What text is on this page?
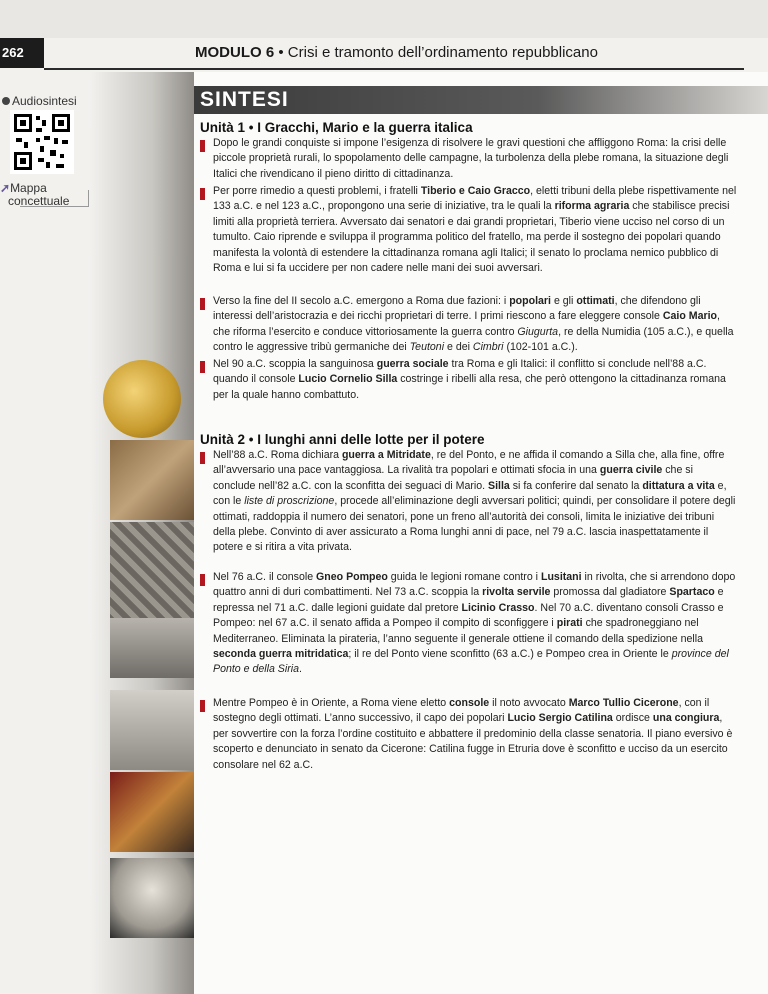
262	MODULO 6 • Crisi e tramonto dell’ordinamento repubblicano
Audiosintesi
➚Mappa
concettuale
SINTESI
Unità 1 • I Gracchi, Mario e la guerra italica
Dopo le grandi conquiste si impone l’esigenza di risolvere le gravi questioni che affliggono Roma: la crisi delle piccole proprietà rurali, lo spopolamento delle campagne, la turbolenza della plebe romana, la situazione degli Italici che rivendicano il pieno diritto di cittadinanza.
Per porre rimedio a questi problemi, i fratelli Tiberio e Caio Gracco, eletti tribuni della plebe rispettivamente nel 133 a.C. e nel 123 a.C., propongono una serie di iniziative, tra le quali la riforma agraria che stabilisce precisi limiti alla proprietà terriera. Avversato dai senatori e dai grandi proprietari, Tiberio viene ucciso nel corso di un tumulto. Caio riprende e sviluppa il programma politico del fratello, ma perde il sostegno dei popolari quando manifesta la volontà di estendere la cittadinanza romana agli Italici; il senato lo proclama nemico pubblico di Roma e lui si fa uccidere per non cadere nelle mani dei suoi avversari.
Verso la fine del II secolo a.C. emergono a Roma due fazioni: i popolari e gli ottimati, che difendono gli interessi dell’aristocrazia e dei ricchi proprietari di terre. I primi riescono a fare eleggere console Caio Mario, che riforma l’esercito e conduce vittoriosamente la guerra contro Giugurta, re della Numidia (105 a.C.), e quella contro le aggressive tribù germaniche dei Teutoni e dei Cimbri (102-101 a.C.).
Nel 90 a.C. scoppia la sanguinosa guerra sociale tra Roma e gli Italici: il conflitto si conclude nell’88 a.C. quando il console Lucio Cornelio Silla costringe i ribelli alla resa, che però ottengono la cittadinanza romana per la quale hanno combattuto.
Unità 2 • I lunghi anni delle lotte per il potere
Nell’88 a.C. Roma dichiara guerra a Mitridate, re del Ponto, e ne affida il comando a Silla che, alla fine, offre all’avversario una pace vantaggiosa. La rivalità tra popolari e ottimati sfocia in una guerra civile che si conclude nell’82 a.C. con la sconfitta dei seguaci di Mario. Silla si fa conferire dal senato la dittatura a vita e, con le liste di proscrizione, procede all’eliminazione degli avversari politici; quindi, per consolidare il potere degli ottimati, raddoppia il numero dei senatori, pone un freno all’autorità dei consoli, limita le iniziative dei tribuni della plebe. Convinto di aver assicurato a Roma lunghi anni di pace, nel 79 a.C. lascia inaspettatamente il potere e si ritira a vita privata.
Nel 76 a.C. il console Gneo Pompeo guida le legioni romane contro i Lusitani in rivolta, che si arrendono dopo quattro anni di duri combattimenti. Nel 73 a.C. scoppia la rivolta servile promossa dal gladiatore Spartaco e repressa nel 71 a.C. dalle legioni guidate dal pretore Licinio Crasso. Nel 70 a.C. diventano consoli Crasso e Pompeo: nel 67 a.C. il senato affida a Pompeo il compito di sconfiggere i pirati che spadroneggiano nel Mediterraneo. Eliminata la pirateria, l’anno seguente il generale ottiene il comando della spedizione nella seconda guerra mitridatica; il re del Ponto viene sconfitto (63 a.C.) e Pompeo crea in Oriente le province del Ponto e della Siria.
Mentre Pompeo è in Oriente, a Roma viene eletto console il noto avvocato Marco Tullio Cicerone, con il sostegno degli ottimati. L’anno successivo, il capo dei popolari Lucio Sergio Catilina ordisce una congiura, per sovvertire con la forza l’ordine costituito e abbattere il predominio della classe senatoria. Il piano eversivo è scoperto e denunciato in senato da Cicerone: Catilina fugge in Etruria dove è sconfitto e ucciso da un esercito consolare nel 62 a.C.
